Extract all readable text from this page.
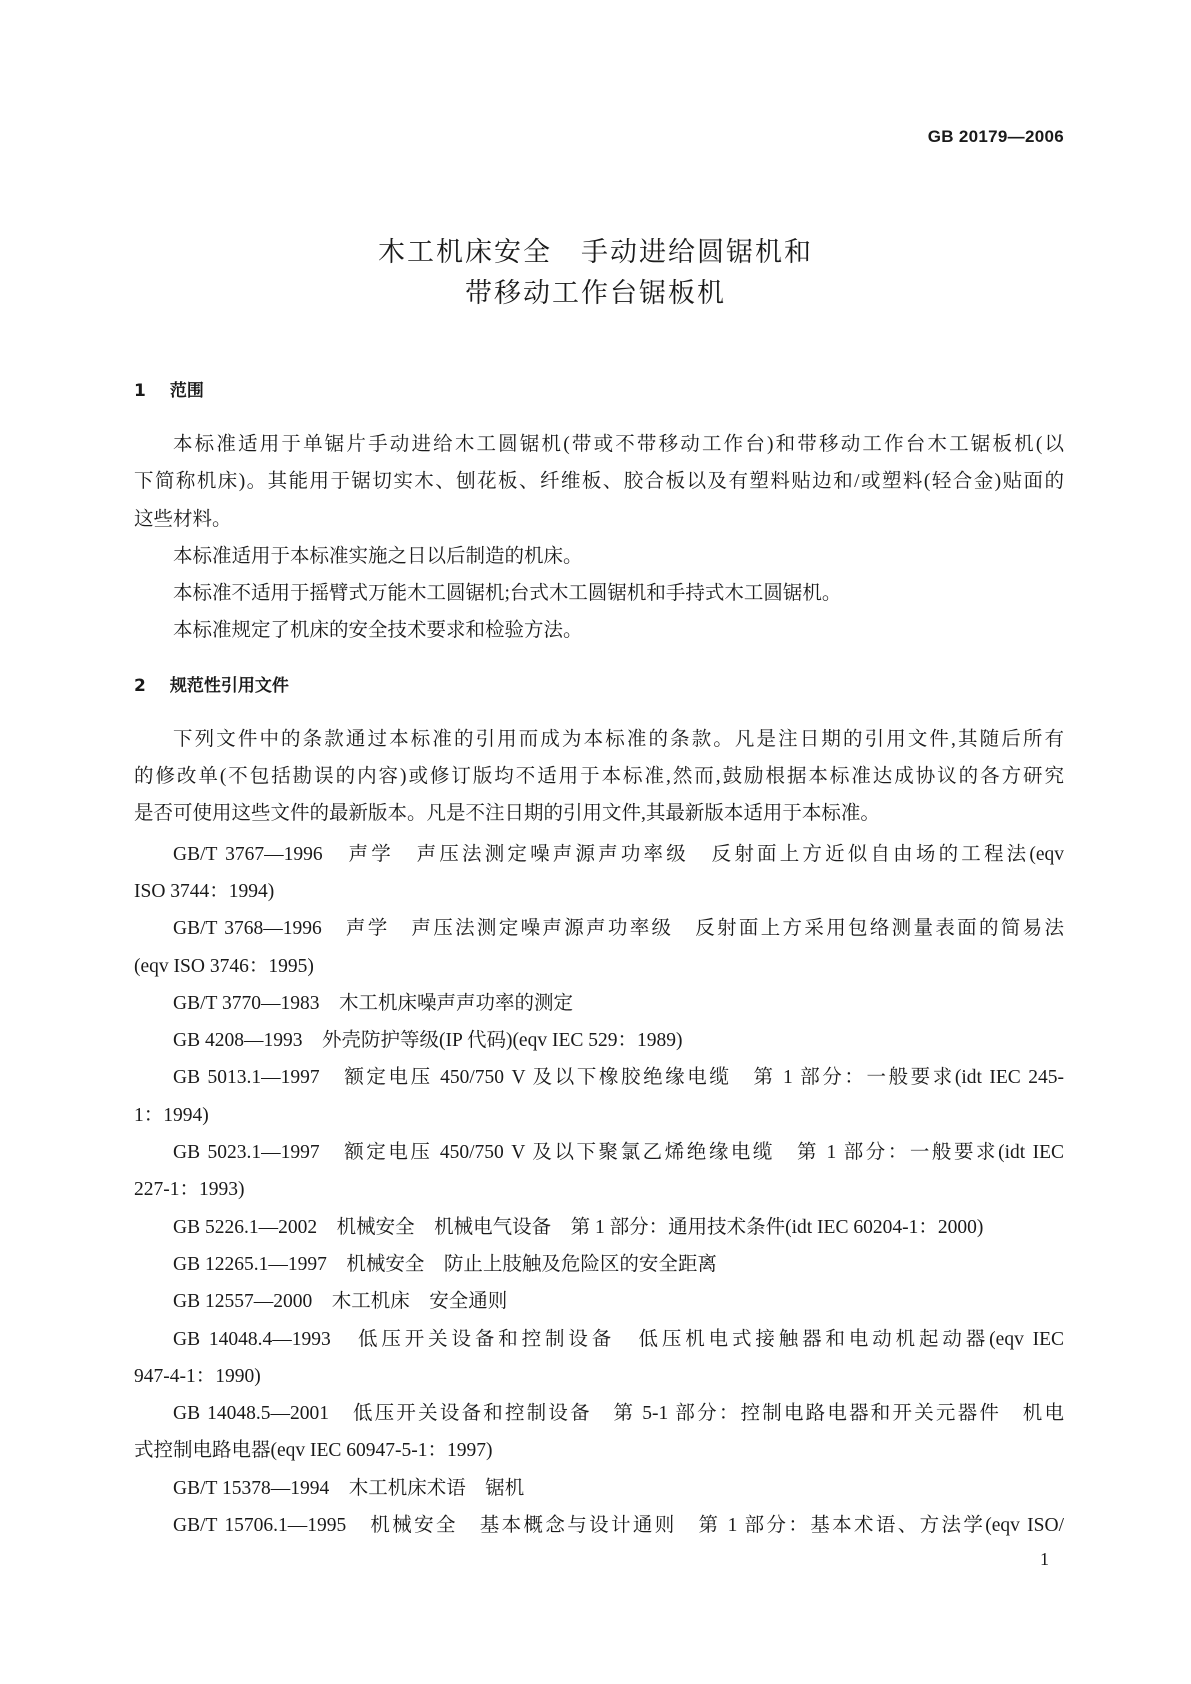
GB 20179—2006
木工机床安全　手动进给圆锯机和
带移动工作台锯板机
1 范围
本标准适用于单锯片手动进给木工圆锯机(带或不带移动工作台)和带移动工作台木工锯板机(以
下简称机床)。其能用于锯切实木、刨花板、纤维板、胶合板以及有塑料贴边和/或塑料(轻合金)贴面的
这些材料。
本标准适用于本标准实施之日以后制造的机床。
本标准不适用于摇臂式万能木工圆锯机;台式木工圆锯机和手持式木工圆锯机。
本标准规定了机床的安全技术要求和检验方法。
2 规范性引用文件
下列文件中的条款通过本标准的引用而成为本标准的条款。凡是注日期的引用文件,其随后所有
的修改单(不包括勘误的内容)或修订版均不适用于本标准,然而,鼓励根据本标准达成协议的各方研究
是否可使用这些文件的最新版本。凡是不注日期的引用文件,其最新版本适用于本标准。
GB/T 3767—1996　声学　声压法测定噪声源声功率级　反射面上方近似自由场的工程法(eqv
ISO 3744：1994)
GB/T 3768—1996　声学　声压法测定噪声源声功率级　反射面上方采用包络测量表面的简易法
(eqv ISO 3746：1995)
GB/T 3770—1983　木工机床噪声声功率的测定
GB 4208—1993　外壳防护等级(IP 代码)(eqv IEC 529：1989)
GB 5013.1—1997　额定电压 450/750 V 及以下橡胶绝缘电缆　第 1 部分：一般要求(idt IEC 245-
1：1994)
GB 5023.1—1997　额定电压 450/750 V 及以下聚氯乙烯绝缘电缆　第 1 部分：一般要求(idt IEC
227-1：1993)
GB 5226.1—2002　机械安全　机械电气设备　第 1 部分：通用技术条件(idt IEC 60204-1：2000)
GB 12265.1—1997　机械安全　防止上肢触及危险区的安全距离
GB 12557—2000　木工机床　安全通则
GB 14048.4—1993　低压开关设备和控制设备　低压机电式接触器和电动机起动器(eqv IEC
947-4-1：1990)
GB 14048.5—2001　低压开关设备和控制设备　第 5-1 部分：控制电路电器和开关元器件　机电
式控制电路电器(eqv IEC 60947-5-1：1997)
GB/T 15378—1994　木工机床术语　锯机
GB/T 15706.1—1995　机械安全　基本概念与设计通则　第 1 部分：基本术语、方法学(eqv ISO/
1
